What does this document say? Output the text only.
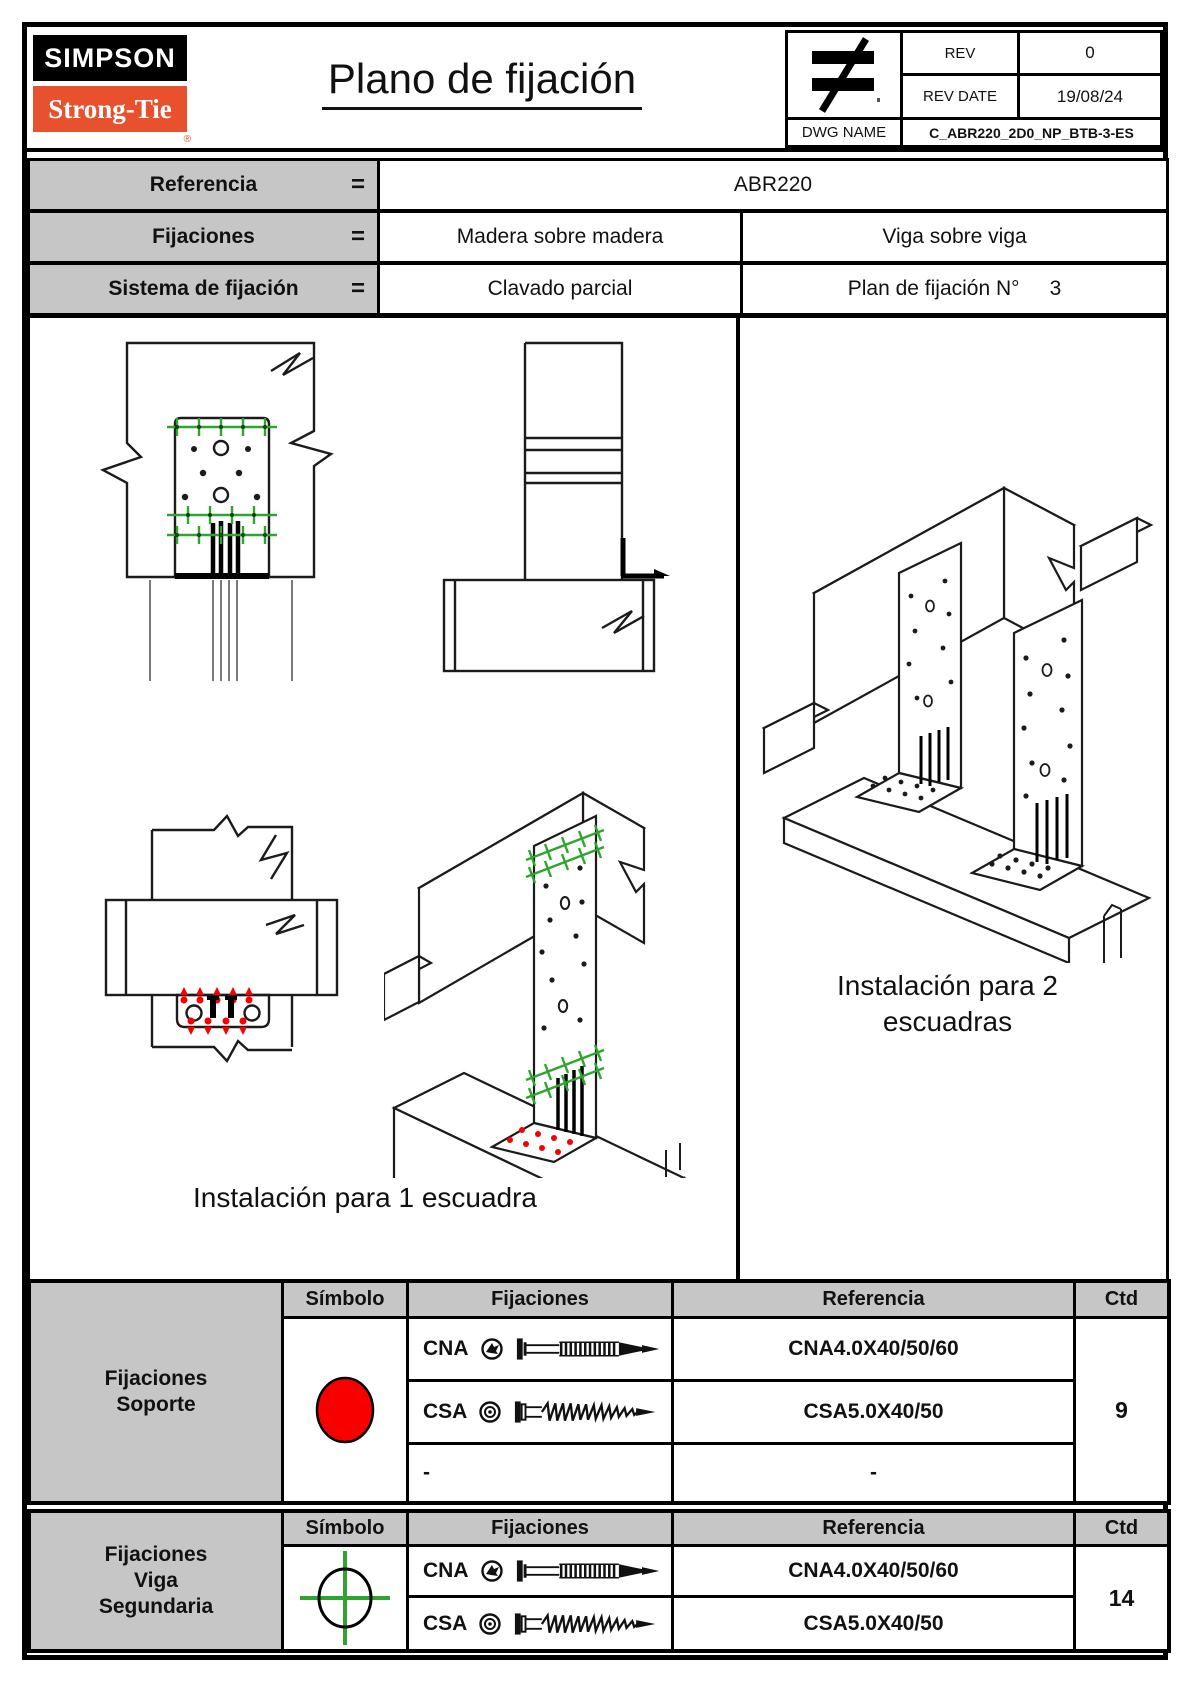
SIMPSON
Strong-Tie
®
Plano de fijación
REV	0
REV DATE	19/08/24
DWG NAME	C_ABR220_2D0_NP_BTB-3-ES
Referencia	=	ABR220
Fijaciones	=	Madera sobre madera	Viga sobre viga
Sistema de fijación =	Clavado parcial	Plan de fijación N° 3
Instalación para 1 escuadra
Instalación para 2
escuadras
Fijaciones
Soporte
Símbolo	Fijaciones	Referencia	Ctd
CNA	CNA4.0X40/50/60
CSA	CSA5.0X40/50
-	-
9
Fijaciones
Viga
Segundaria
Símbolo	Fijaciones	Referencia	Ctd
CNA	CNA4.0X40/50/60
CSA	CSA5.0X40/50
14
